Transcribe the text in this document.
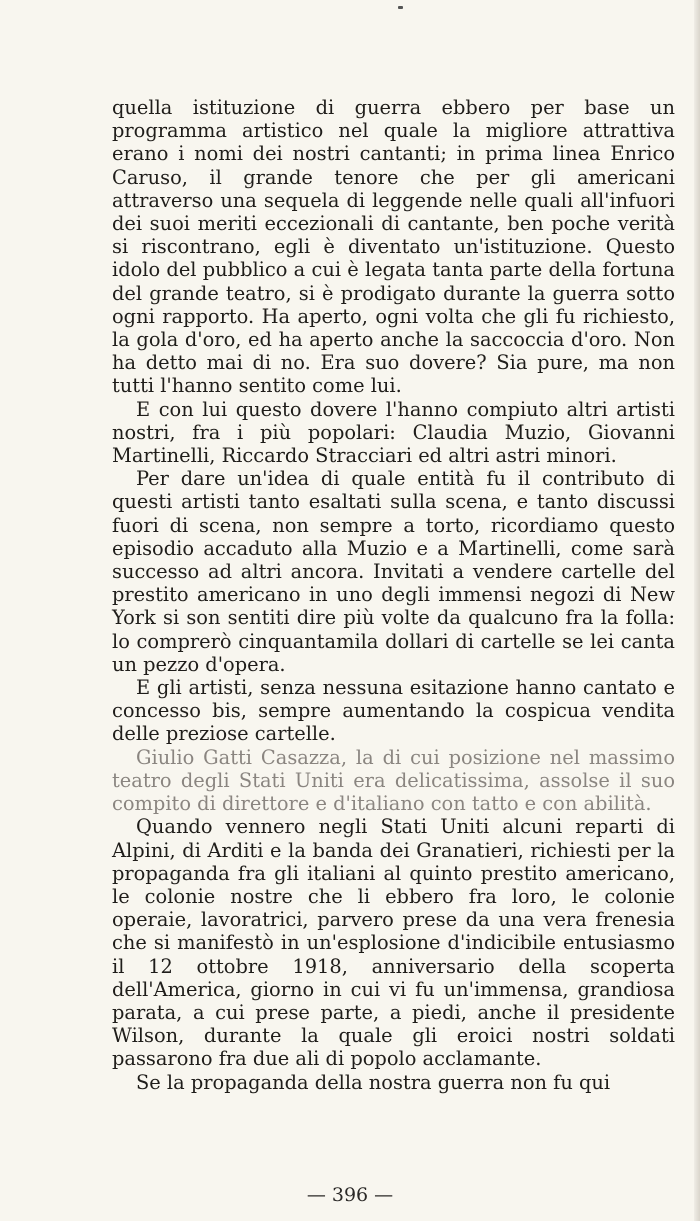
quella istituzione di guerra ebbero per base un programma artistico nel quale la migliore attrattiva erano i nomi dei nostri cantanti; in prima linea Enrico Caruso, il grande tenore che per gli americani attraverso una sequela di leggende nelle quali all'infuori dei suoi meriti eccezionali di cantante, ben poche verità si riscontrano, egli è diventato un'istituzione. Questo idolo del pubblico a cui è legata tanta parte della fortuna del grande teatro, si è prodigato durante la guerra sotto ogni rapporto. Ha aperto, ogni volta che gli fu richiesto, la gola d'oro, ed ha aperto anche la saccoccia d'oro. Non ha detto mai di no. Era suo dovere? Sia pure, ma non tutti l'hanno sentito come lui.

E con lui questo dovere l'hanno compiuto altri artisti nostri, fra i più popolari: Claudia Muzio, Giovanni Martinelli, Riccardo Stracciari ed altri astri minori.

Per dare un'idea di quale entità fu il contributo di questi artisti tanto esaltati sulla scena, e tanto discussi fuori di scena, non sempre a torto, ricordiamo questo episodio accaduto alla Muzio e a Martinelli, come sarà successo ad altri ancora. Invitati a vendere cartelle del prestito americano in uno degli immensi negozi di New York si son sentiti dire più volte da qualcuno fra la folla: lo comprerò cinquantamila dollari di cartelle se lei canta un pezzo d'opera.

E gli artisti, senza nessuna esitazione hanno cantato e concesso bis, sempre aumentando la cospicua vendita delle preziose cartelle.

Giulio Gatti Casazza, la di cui posizione nel massimo teatro degli Stati Uniti era delicatissima, assolse il suo compito di direttore e d'italiano con tatto e con abilità.

Quando vennero negli Stati Uniti alcuni reparti di Alpini, di Arditi e la banda dei Granatieri, richiesti per la propaganda fra gli italiani al quinto prestito americano, le colonie nostre che li ebbero fra loro, le colonie operaie, lavoratrici, parvero prese da una vera frenesia che si manifestò in un'esplosione d'indicibile entusiasmo il 12 ottobre 1918, anniversario della scoperta dell'America, giorno in cui vi fu un'immensa, grandiosa parata, a cui prese parte, a piedi, anche il presidente Wilson, durante la quale gli eroici nostri soldati passarono fra due ali di popolo acclamante.

Se la propaganda della nostra guerra non fu qui

— 396 —
